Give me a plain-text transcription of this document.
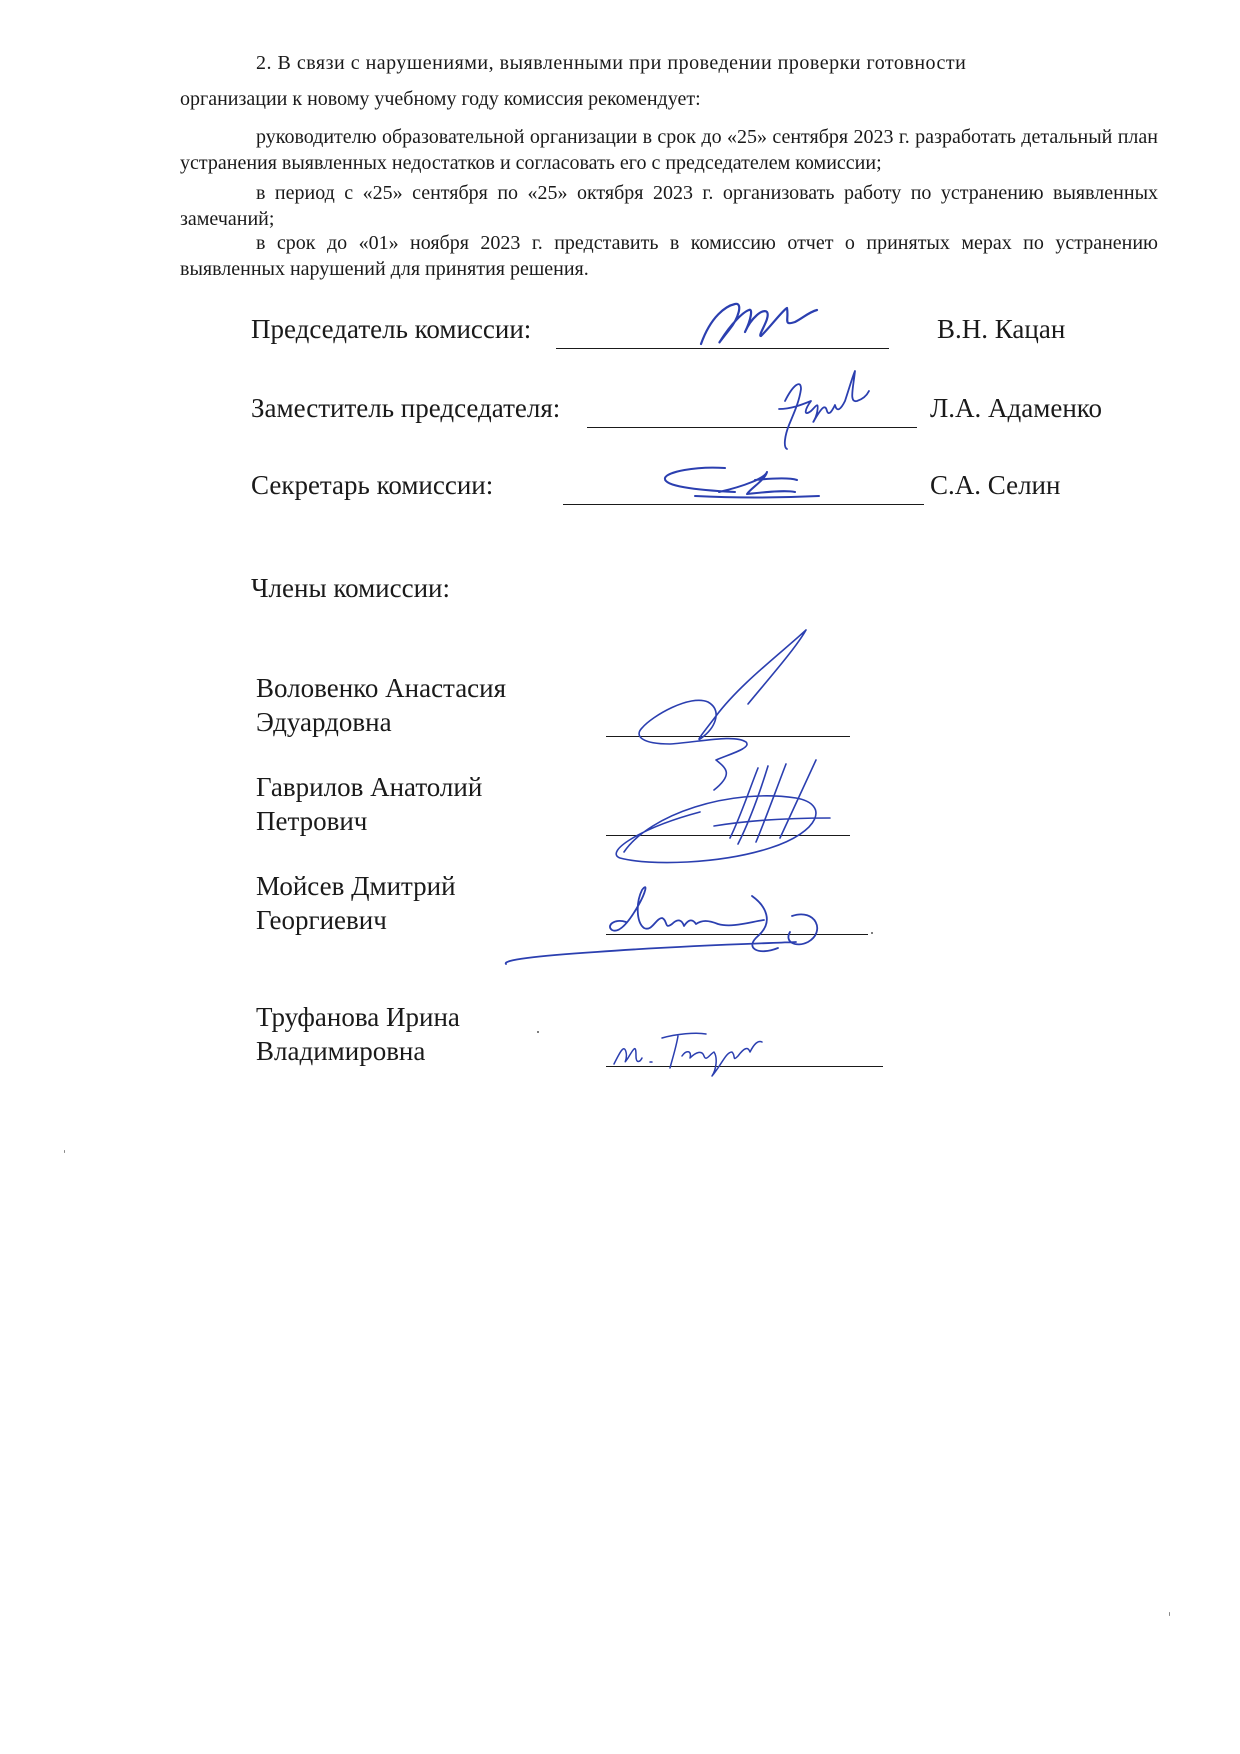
2. В связи с нарушениями, выявленными при проведении проверки готовности
организации к новому учебному году комиссия рекомендует:
руководителю образовательной организации в срок до «25» сентября 2023 г. разработать детальный план устранения выявленных недостатков и согласовать его с председателем комиссии;
в период с «25» сентября по «25» октября 2023 г. организовать работу по устранению выявленных замечаний;
в срок до «01» ноября 2023 г. представить в комиссию отчет о принятых мерах по устранению выявленных нарушений для принятия решения.
Председатель комиссии:	В.Н. Кацан
Заместитель председателя:	Л.А. Адаменко
Секретарь комиссии:	С.А. Селин
Члены комиссии:
Воловенко Анастасия
Эдуардовна
Гаврилов Анатолий
Петрович
Мойсев Дмитрий
Георгиевич
Труфанова Ирина
Владимировна
